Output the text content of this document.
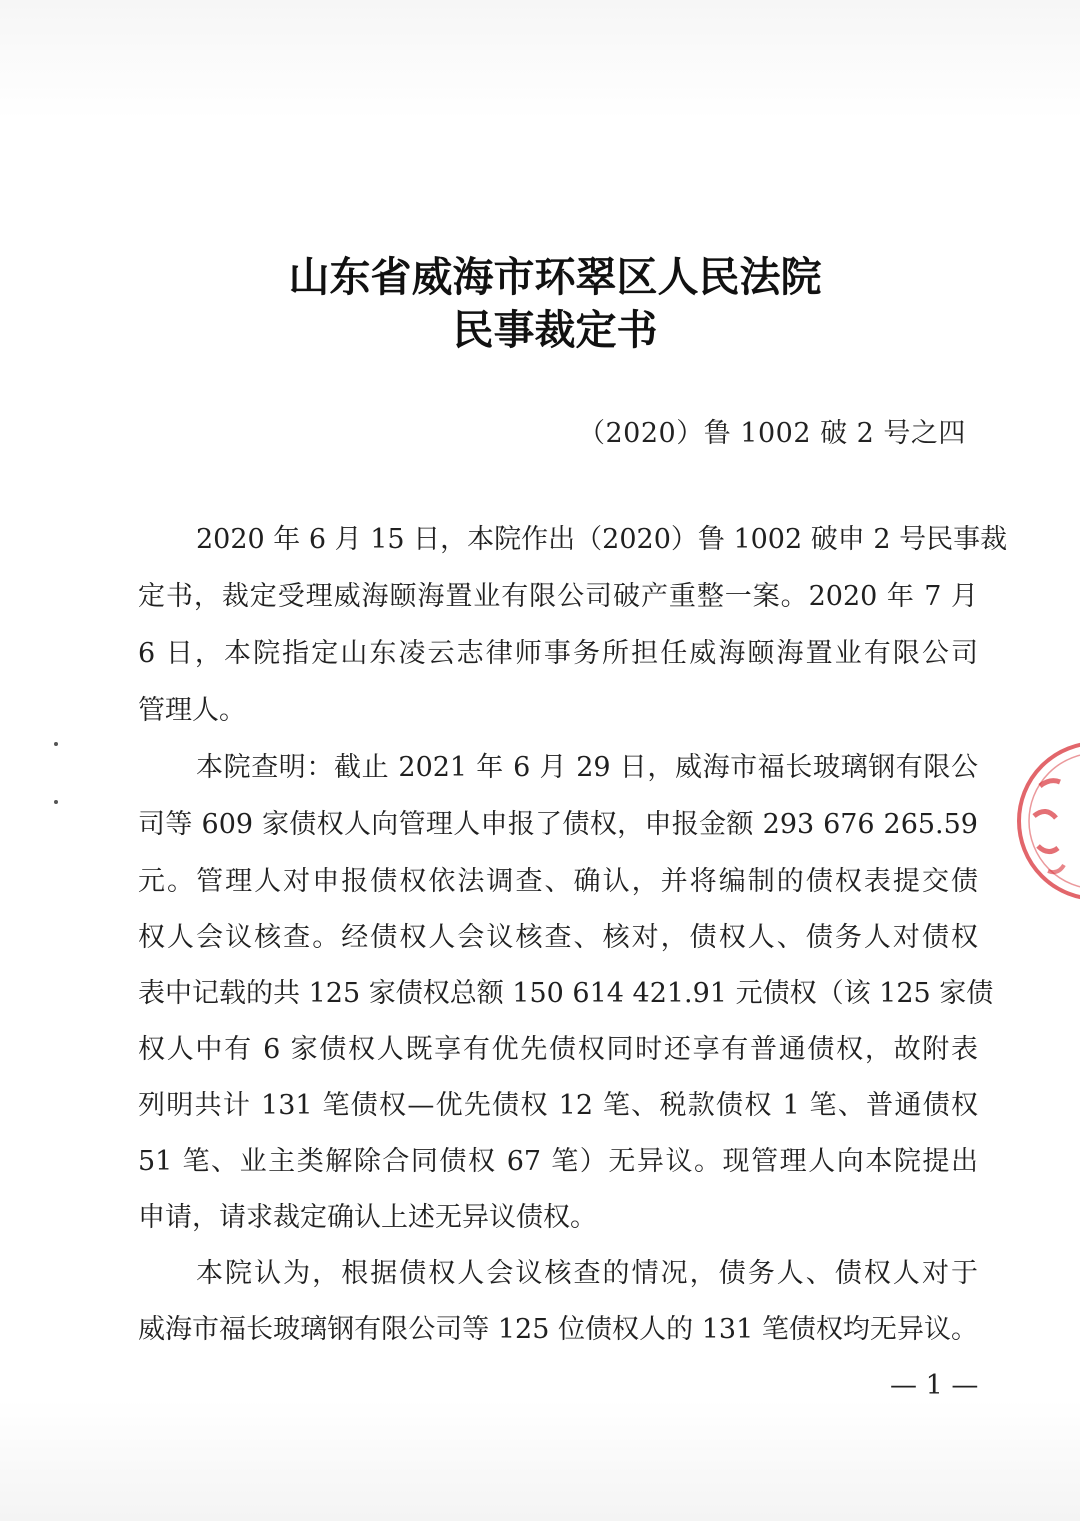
山东省威海市环翠区人民法院
民事裁定书
（2020）鲁 1002 破 2 号之四
2020 年 6 月 15 日，本院作出（2020）鲁 1002 破申 2 号民事裁
定书，裁定受理威海颐海置业有限公司破产重整一案。2020 年 7 月
6 日，本院指定山东凌云志律师事务所担任威海颐海置业有限公司
管理人。
本院查明：截止 2021 年 6 月 29 日，威海市福长玻璃钢有限公
司等 609 家债权人向管理人申报了债权，申报金额 293 676 265.59
元。管理人对申报债权依法调查、确认，并将编制的债权表提交债
权人会议核查。经债权人会议核查、核对，债权人、债务人对债权
表中记载的共 125 家债权总额 150 614 421.91 元债权（该 125 家债
权人中有 6 家债权人既享有优先债权同时还享有普通债权，故附表
列明共计 131 笔债权—优先债权 12 笔、税款债权 1 笔、普通债权
51 笔、业主类解除合同债权 67 笔）无异议。现管理人向本院提出
申请，请求裁定确认上述无异议债权。
本院认为，根据债权人会议核查的情况，债务人、债权人对于
威海市福长玻璃钢有限公司等 125 位债权人的 131 笔债权均无异议。
— 1 —
